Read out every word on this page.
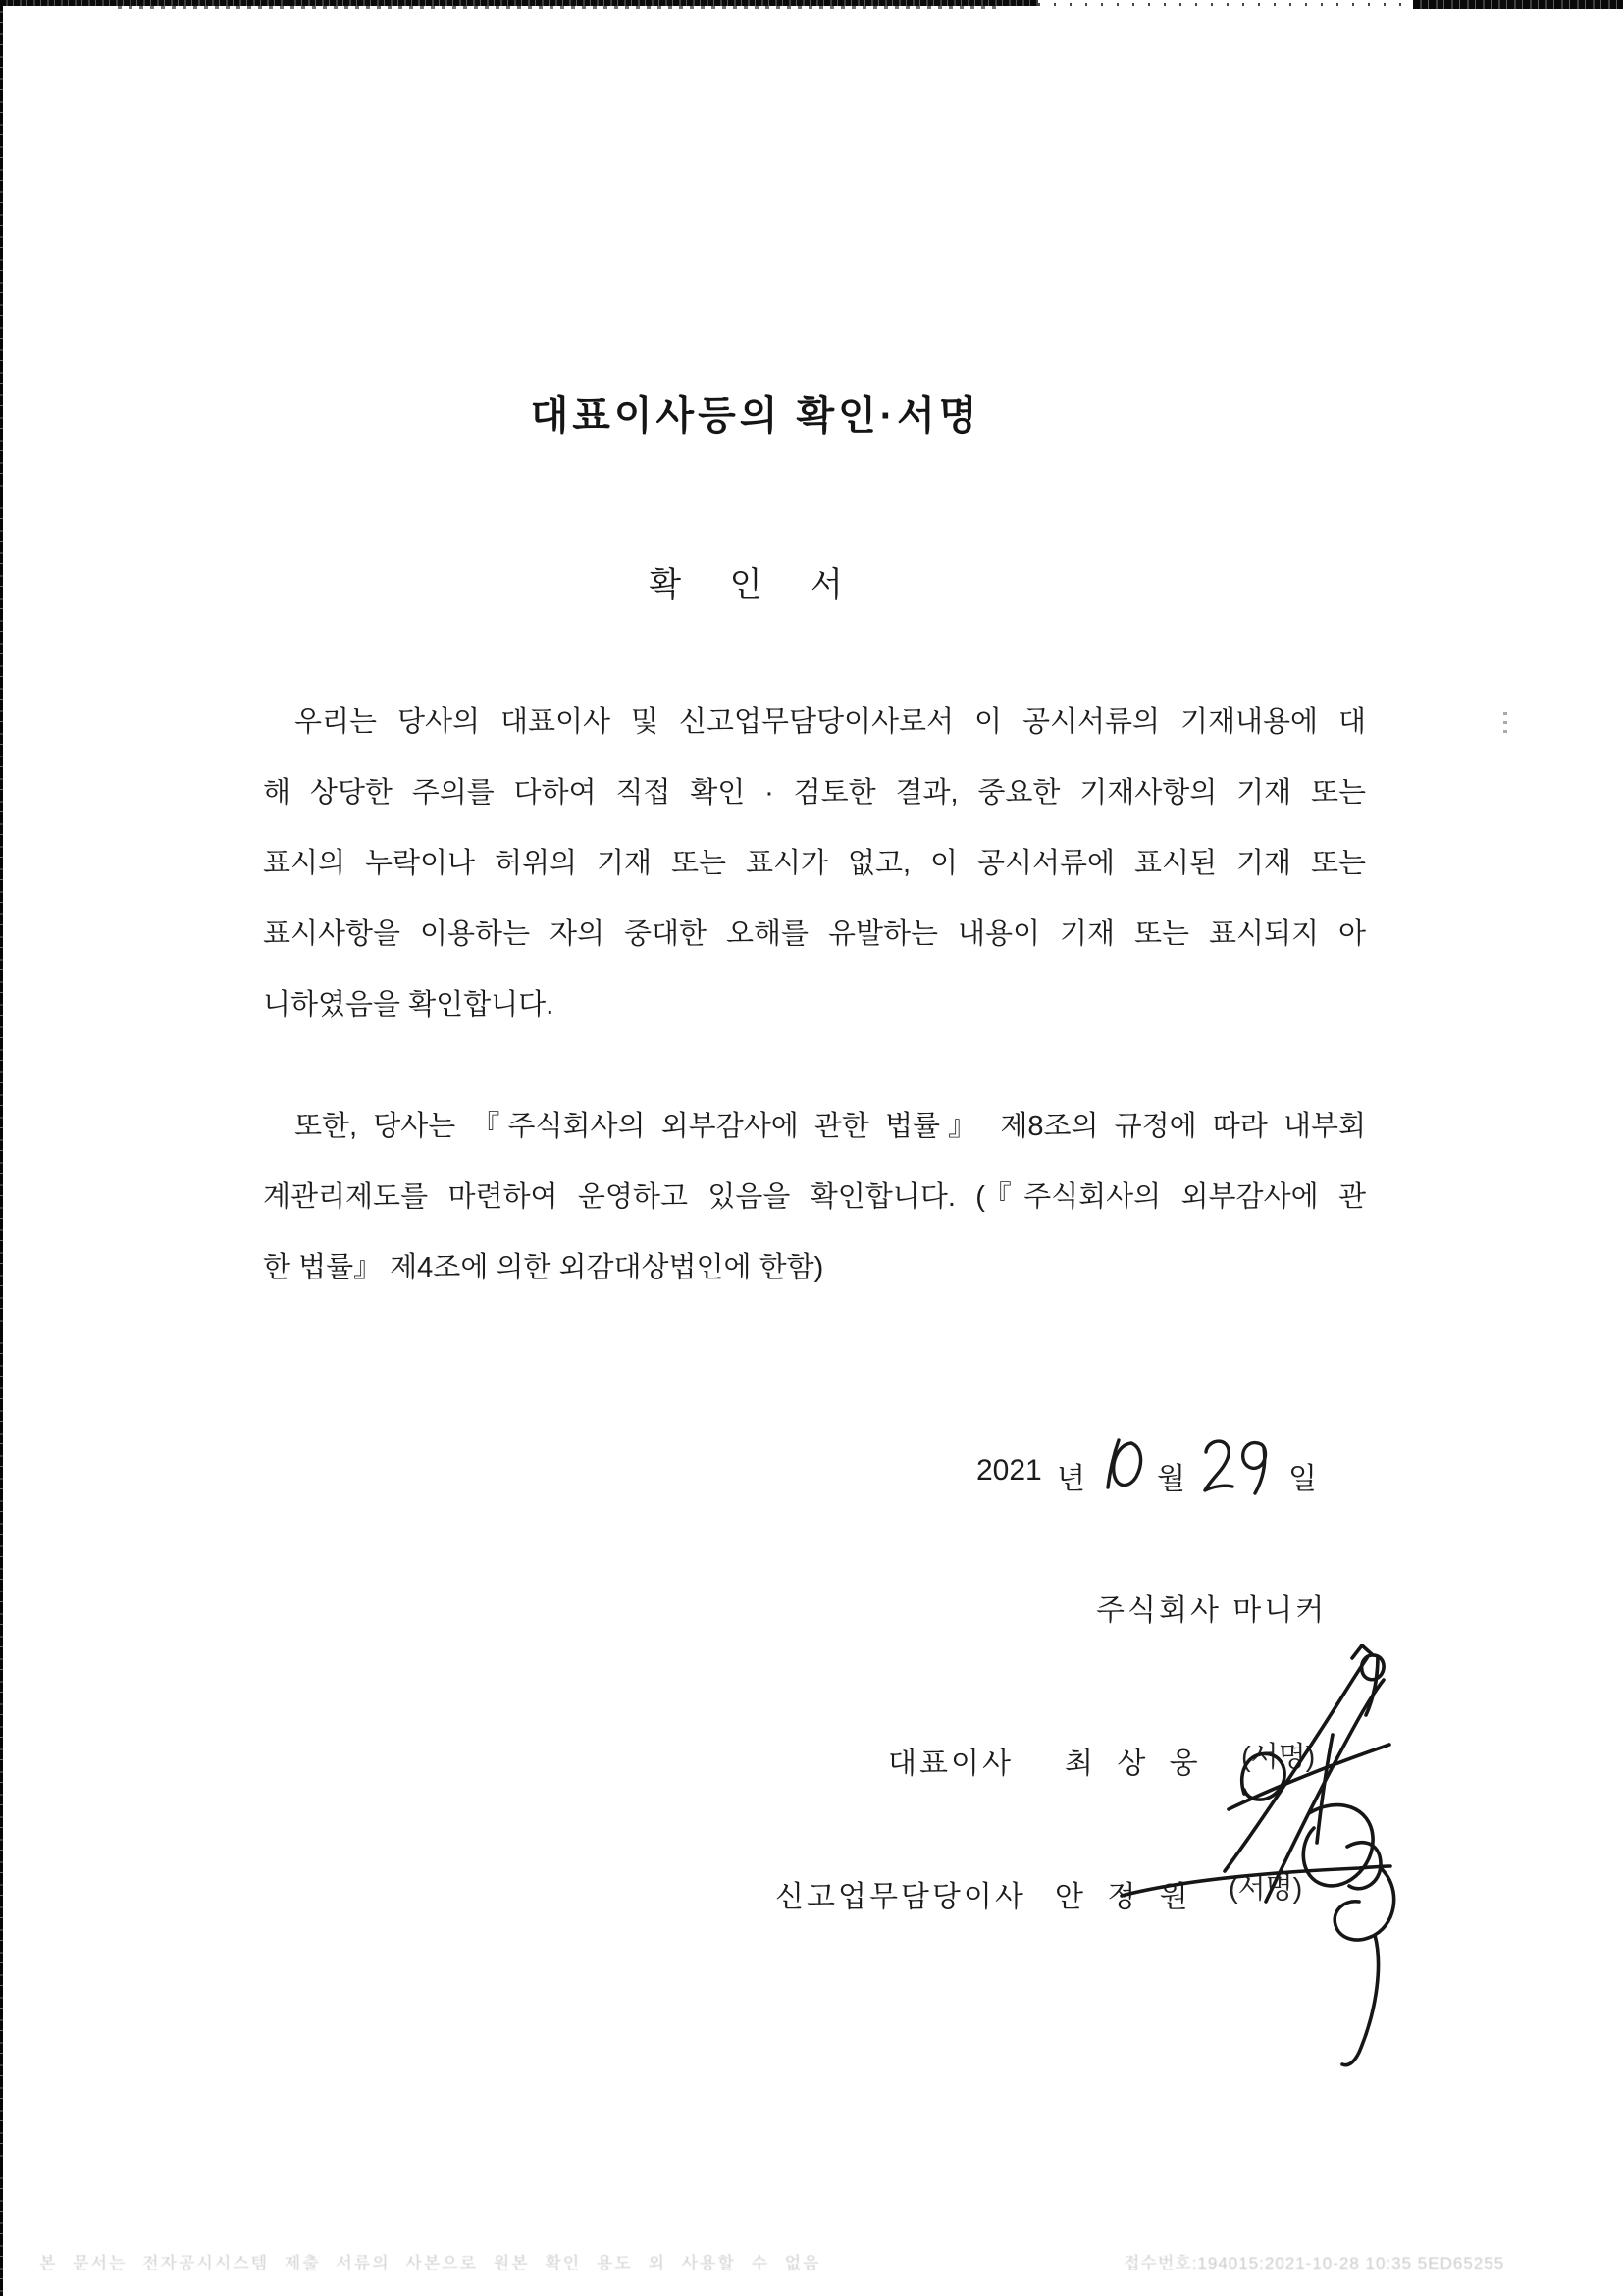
대표이사등의 확인·서명
확 인 서
우리는 당사의 대표이사 및 신고업무담당이사로서 이 공시서류의 기재내용에 대
해 상당한 주의를 다하여 직접 확인 · 검토한 결과, 중요한 기재사항의 기재 또는
표시의 누락이나 허위의 기재 또는 표시가 없고, 이 공시서류에 표시된 기재 또는
표시사항을 이용하는 자의 중대한 오해를 유발하는 내용이 기재 또는 표시되지 아
니하였음을 확인합니다.
또한, 당사는 『주식회사의 외부감사에 관한 법률』 제8조의 규정에 따라 내부회
계관리제도를 마련하여 운영하고 있음을 확인합니다. (『주식회사의 외부감사에 관
한 법률』 제4조에 의한 외감대상법인에 한함)
2021 년 월	일
주식회사 마니커
대표이사 최 상 웅 (서명)
신고업무담당이사 안 정 원 (서명)
본 문서는 전자공시시스템 제출 서류의 사본으로 원본 확인 용도 외 사용할 수 없음	접수번호:194015:2021-10-28 10:35 5ED65255
